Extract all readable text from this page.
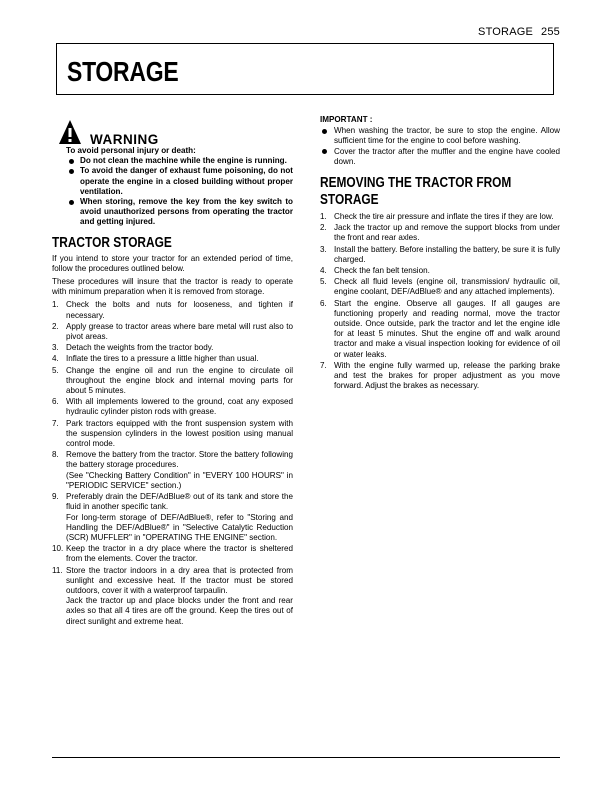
STORAGE 255
STORAGE
WARNING
To avoid personal injury or death:
Do not clean the machine while the engine is running.
To avoid the danger of exhaust fume poisoning, do not operate the engine in a closed building without proper ventilation.
When storing, remove the key from the key switch to avoid unauthorized persons from operating the tractor and getting injured.
TRACTOR STORAGE

If you intend to store your tractor for an extended period of time, follow the procedures outlined below.

These procedures will insure that the tractor is ready to operate with minimum preparation when it is removed from storage.

1. Check the bolts and nuts for looseness, and tighten if necessary.
2. Apply grease to tractor areas where bare metal will rust also to pivot areas.
3. Detach the weights from the tractor body.
4. Inflate the tires to a pressure a little higher than usual.
5. Change the engine oil and run the engine to circulate oil throughout the engine block and internal moving parts for about 5 minutes.
6. With all implements lowered to the ground, coat any exposed hydraulic cylinder piston rods with grease.
7. Park tractors equipped with the front suspension system with the suspension cylinders in the lowest position using manual control mode.
8. Remove the battery from the tractor. Store the battery following the battery storage procedures.
(See "Checking Battery Condition" in "EVERY 100 HOURS" in "PERIODIC SERVICE" section.)
9. Preferably drain the DEF/AdBlue® out of its tank and store the fluid in another specific tank.
For long-term storage of DEF/AdBlue®, refer to "Storing and Handling the DEF/AdBlue®" in "Selective Catalytic Reduction (SCR) MUFFLER" in "OPERATING THE ENGINE" section.
10. Keep the tractor in a dry place where the tractor is sheltered from the elements. Cover the tractor.
11. Store the tractor indoors in a dry area that is protected from sunlight and excessive heat. If the tractor must be stored outdoors, cover it with a waterproof tarpaulin.
Jack the tractor up and place blocks under the front and rear axles so that all 4 tires are off the ground. Keep the tires out of direct sunlight and extreme heat.
IMPORTANT :
When washing the tractor, be sure to stop the engine. Allow sufficient time for the engine to cool before washing.
Cover the tractor after the muffler and the engine have cooled down.
REMOVING THE TRACTOR FROM
STORAGE
1. Check the tire air pressure and inflate the tires if they are low.
2. Jack the tractor up and remove the support blocks from under the front and rear axles.
3. Install the battery. Before installing the battery, be sure it is fully charged.
4. Check the fan belt tension.
5. Check all fluid levels (engine oil, transmission/ hydraulic oil, engine coolant, DEF/AdBlue® and any attached implements).
6. Start the engine. Observe all gauges. If all gauges are functioning properly and reading normal, move the tractor outside. Once outside, park the tractor and let the engine idle for at least 5 minutes. Shut the engine off and walk around tractor and make a visual inspection looking for evidence of oil or water leaks.
7. With the engine fully warmed up, release the parking brake and test the brakes for proper adjustment as you move forward. Adjust the brakes as necessary.
